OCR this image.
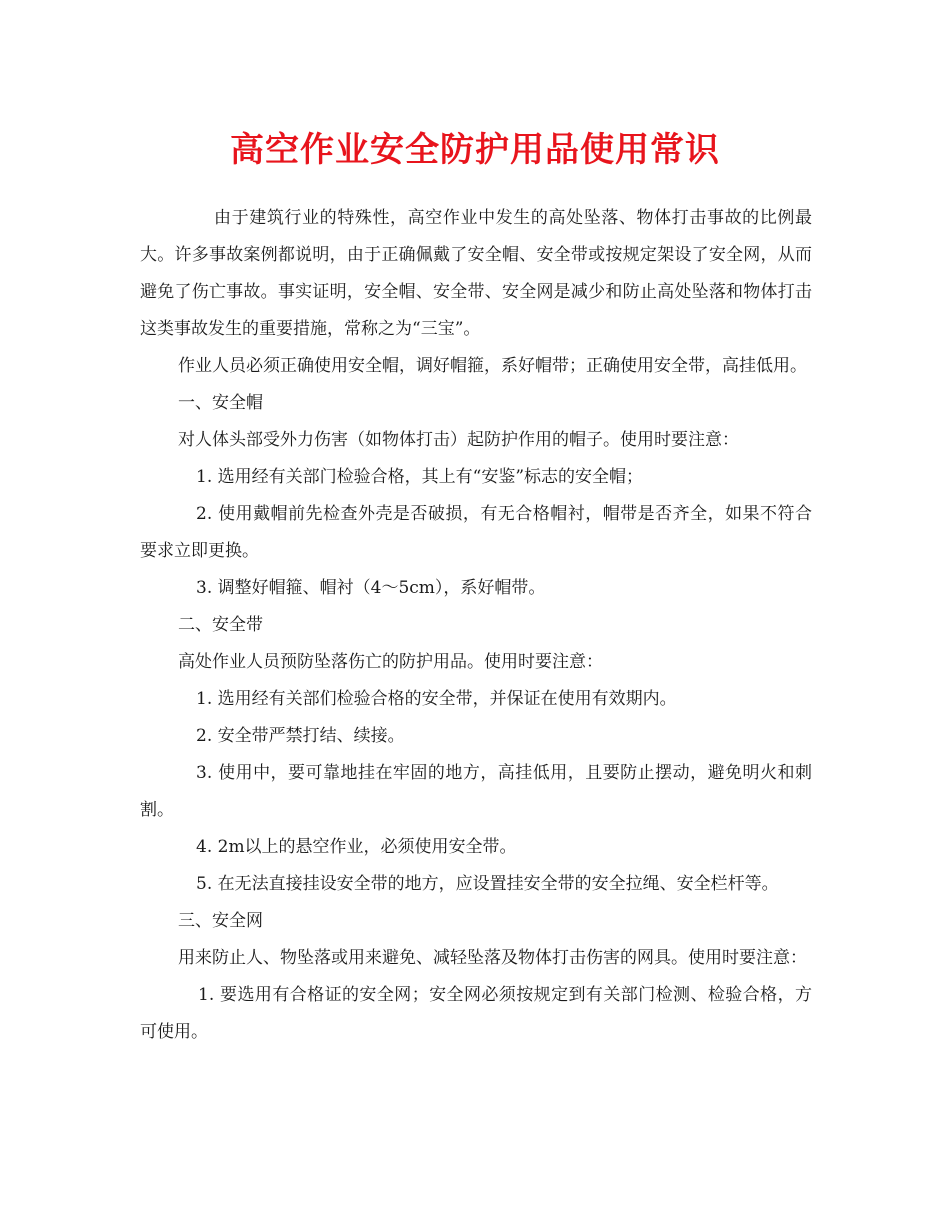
高空作业安全防护用品使用常识

由于建筑行业的特殊性，高空作业中发生的高处坠落、物体打击事故的比例最大。许多事故案例都说明，由于正确佩戴了安全帽、安全带或按规定架设了安全网，从而避免了伤亡事故。事实证明，安全帽、安全带、安全网是减少和防止高处坠落和物体打击这类事故发生的重要措施，常称之为“三宝”。

作业人员必须正确使用安全帽，调好帽箍，系好帽带；正确使用安全带，高挂低用。

一、安全帽

对人体头部受外力伤害（如物体打击）起防护作用的帽子。使用时要注意：

1. 选用经有关部门检验合格，其上有“安鉴”标志的安全帽；

2. 使用戴帽前先检查外壳是否破损，有无合格帽衬，帽带是否齐全，如果不符合要求立即更换。

3. 调整好帽箍、帽衬（4～5cm），系好帽带。

二、安全带

高处作业人员预防坠落伤亡的防护用品。使用时要注意：

1. 选用经有关部们检验合格的安全带，并保证在使用有效期内。

2. 安全带严禁打结、续接。

3. 使用中，要可靠地挂在牢固的地方，高挂低用，且要防止摆动，避免明火和刺割。

4. 2m以上的悬空作业，必须使用安全带。

5. 在无法直接挂设安全带的地方，应设置挂安全带的安全拉绳、安全栏杆等。

三、安全网

用来防止人、物坠落或用来避免、减轻坠落及物体打击伤害的网具。使用时要注意：

1. 要选用有合格证的安全网；安全网必须按规定到有关部门检测、检验合格，方可使用。
